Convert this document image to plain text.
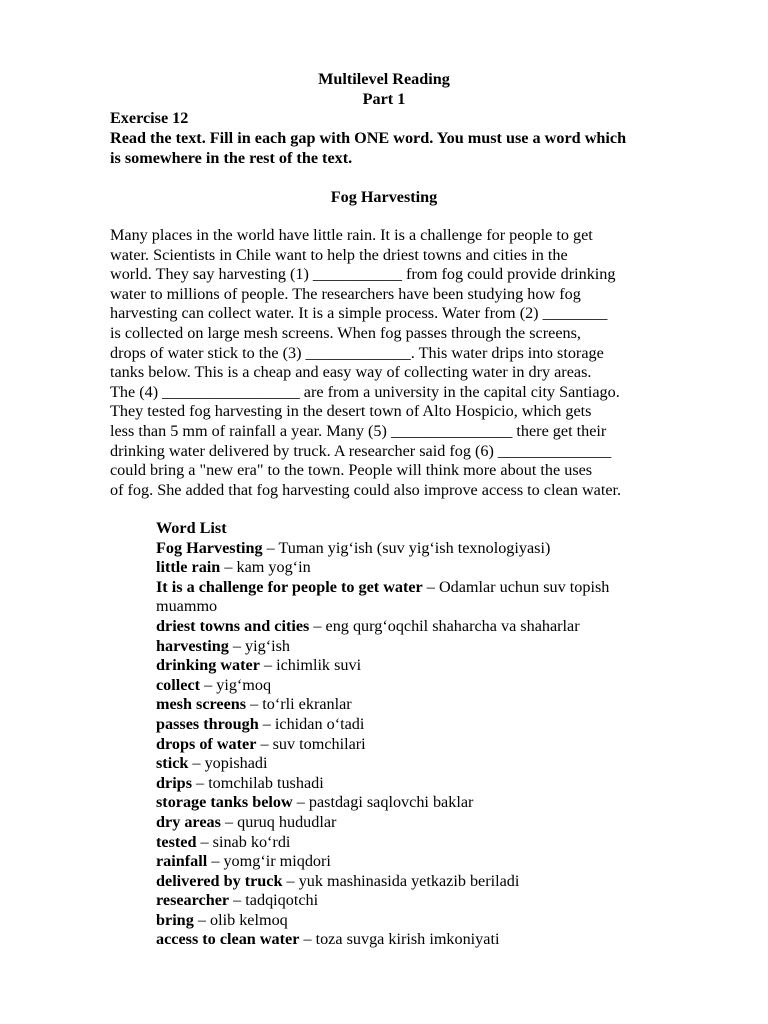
Multilevel Reading
Part 1
Exercise 12
Read the text. Fill in each gap with ONE word. You must use a word which
is somewhere in the rest of the text.
Fog Harvesting
Many places in the world have little rain. It is a challenge for people to get
water. Scientists in Chile want to help the driest towns and cities in the
world. They say harvesting (1) ___________ from fog could provide drinking
water to millions of people. The researchers have been studying how fog
harvesting can collect water. It is a simple process. Water from (2) ________
is collected on large mesh screens. When fog passes through the screens,
drops of water stick to the (3) _____________. This water drips into storage
tanks below. This is a cheap and easy way of collecting water in dry areas.
The (4) _________________ are from a university in the capital city Santiago.
They tested fog harvesting in the desert town of Alto Hospicio, which gets
less than 5 mm of rainfall a year. Many (5) _______________ there get their
drinking water delivered by truck. A researcher said fog (6) ______________
could bring a "new era" to the town. People will think more about the uses
of fog. She added that fog harvesting could also improve access to clean water.
Word List
Fog Harvesting – Tuman yig‘ish (suv yig‘ish texnologiyasi)
little rain – kam yog‘in
It is a challenge for people to get water – Odamlar uchun suv topish
muammo
driest towns and cities – eng qurg‘oqchil shaharcha va shaharlar
harvesting – yig‘ish
drinking water – ichimlik suvi
collect – yig‘moq
mesh screens – to‘rli ekranlar
passes through – ichidan o‘tadi
drops of water – suv tomchilari
stick – yopishadi
drips – tomchilab tushadi
storage tanks below – pastdagi saqlovchi baklar
dry areas – quruq hududlar
tested – sinab ko‘rdi
rainfall – yomg‘ir miqdori
delivered by truck – yuk mashinasida yetkazib beriladi
researcher – tadqiqotchi
bring – olib kelmoq
access to clean water – toza suvga kirish imkoniyati
